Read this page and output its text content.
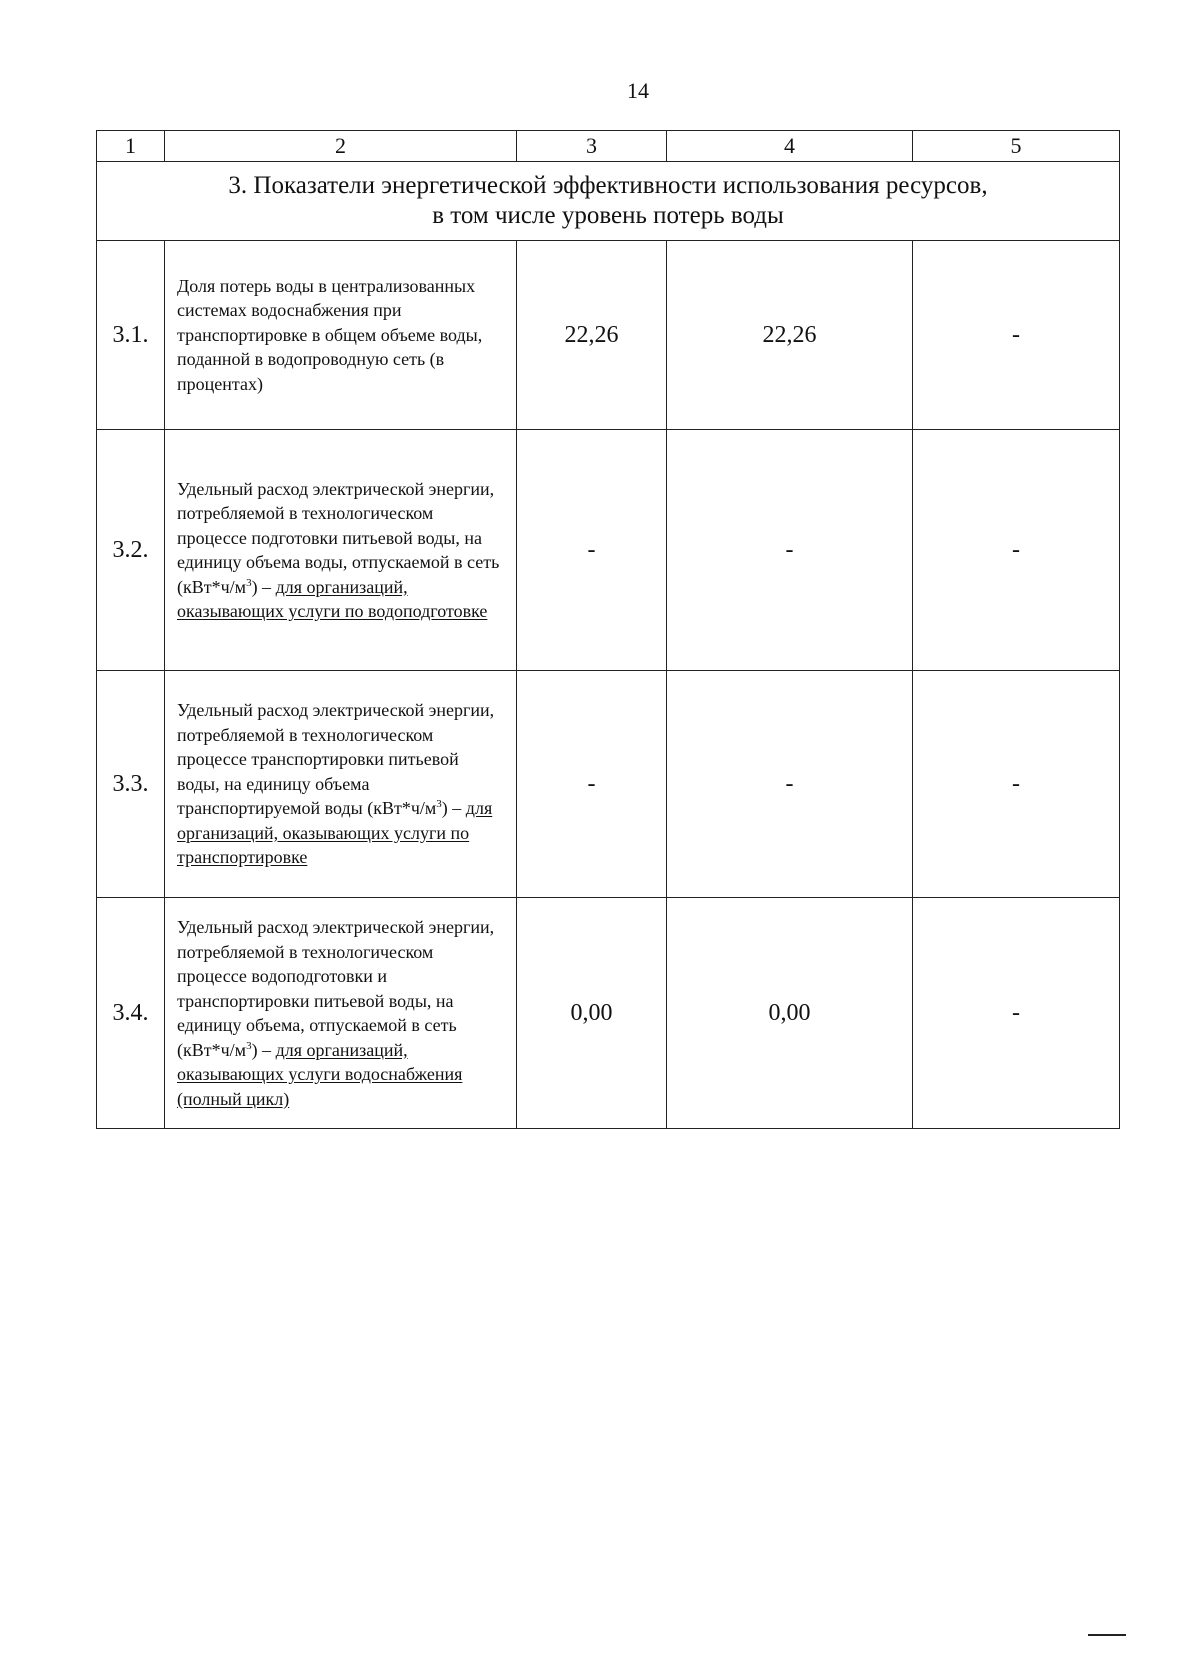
14
1	2	3	4	5

3. Показатели энергетической эффективности использования ресурсов,
в том числе уровень потерь воды				

3.1.	Доля потерь воды в централизованных системах водоснабжения при транспортировке в общем объеме воды, поданной в водопроводную сеть (в процентах)	22,26	22,26	-
3.2.	Удельный расход электрической энергии, потребляемой в технологическом процессе подготовки питьевой воды, на единицу объема воды, отпускаемой в сеть $(кВт*ч/м^3)$ – для организаций, оказывающих услуги по водоподготовке	-	-	-
3.3.	Удельный расход электрической энергии, потребляемой в технологическом процессе транспортировки питьевой воды, на единицу объема транспортируемой воды $(кВт*ч/м^3)$ – для организаций, оказывающих услуги по транспортировке	-	-	-
3.4.	Удельный расход электрической энергии, потребляемой в технологическом процессе водоподготовки и транспортировки питьевой воды, на единицу объема, отпускаемой в сеть $(кВт*ч/м^3)$ – для организаций, оказывающих услуги водоснабжения (полный цикл)	0,00	0,00	-
